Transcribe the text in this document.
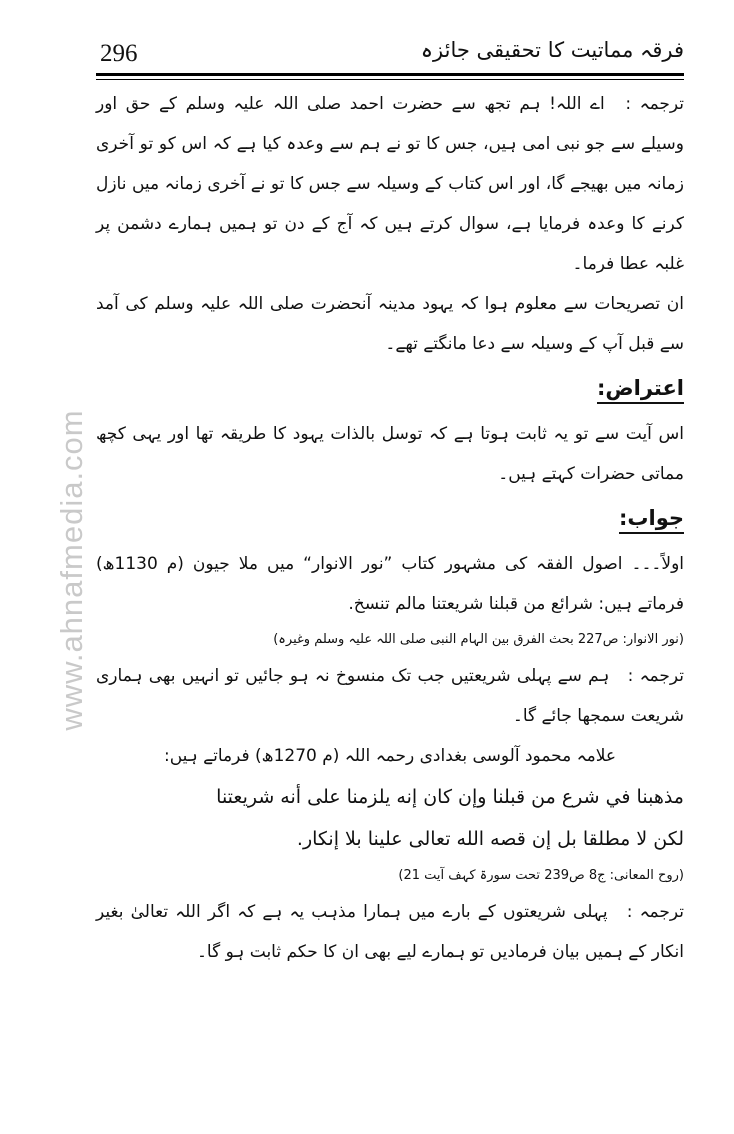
296	فرقہ مماتیت کا تحقیقی جائزہ
www.ahnafmedia.com

ترجمہ : اے اللہ! ہم تجھ سے حضرت احمد صلی اللہ علیہ وسلم کے حق اور وسیلے سے جو نبی امی ہیں، جس کا تو نے ہم سے وعدہ کیا ہے کہ اس کو تو آخری زمانہ میں بھیجے گا، اور اس کتاب کے وسیلہ سے جس کا تو نے آخری زمانہ میں نازل کرنے کا وعدہ فرمایا ہے، سوال کرتے ہیں کہ آج کے دن تو ہمیں ہمارے دشمن پر غلبہ عطا فرما۔

ان تصریحات سے معلوم ہوا کہ یہود مدینہ آنحضرت صلی اللہ علیہ وسلم کی آمد سے قبل آپ کے وسیلہ سے دعا مانگتے تھے۔

اعتراض:

اس آیت سے تو یہ ثابت ہوتا ہے کہ توسل بالذات یہود کا طریقہ تھا اور یہی کچھ مماتی حضرات کہتے ہیں۔

جواب:

اولاً۔۔۔ اصول الفقہ کی مشہور کتاب ”نور الانوار“ میں ملا جیون (م 1130ھ) فرماتے ہیں: شرائع من قبلنا شریعتنا مالم تنسخ.

(نور الانوار: ص227 بحث الفرق بین الہام النبی صلی اللہ علیہ وسلم وغیرہ)

ترجمہ : ہم سے پہلی شریعتیں جب تک منسوخ نہ ہو جائیں تو انہیں بھی ہماری شریعت سمجھا جائے گا۔

علامہ محمود آلوسی بغدادی رحمہ اللہ (م 1270ھ) فرماتے ہیں:

مذهبنا في شرع من قبلنا وإن كان إنه يلزمنا على أنه شريعتنا

لكن لا مطلقا بل إن قصه الله تعالى علينا بلا إنكار.

(روح المعانی: ج8 ص239 تحت سورۃ کہف آیت 21)

ترجمہ : پہلی شریعتوں کے بارے میں ہمارا مذہب یہ ہے کہ اگر اللہ تعالیٰ بغیر انکار کے ہمیں بیان فرمادیں تو ہمارے لیے بھی ان کا حکم ثابت ہو گا۔
